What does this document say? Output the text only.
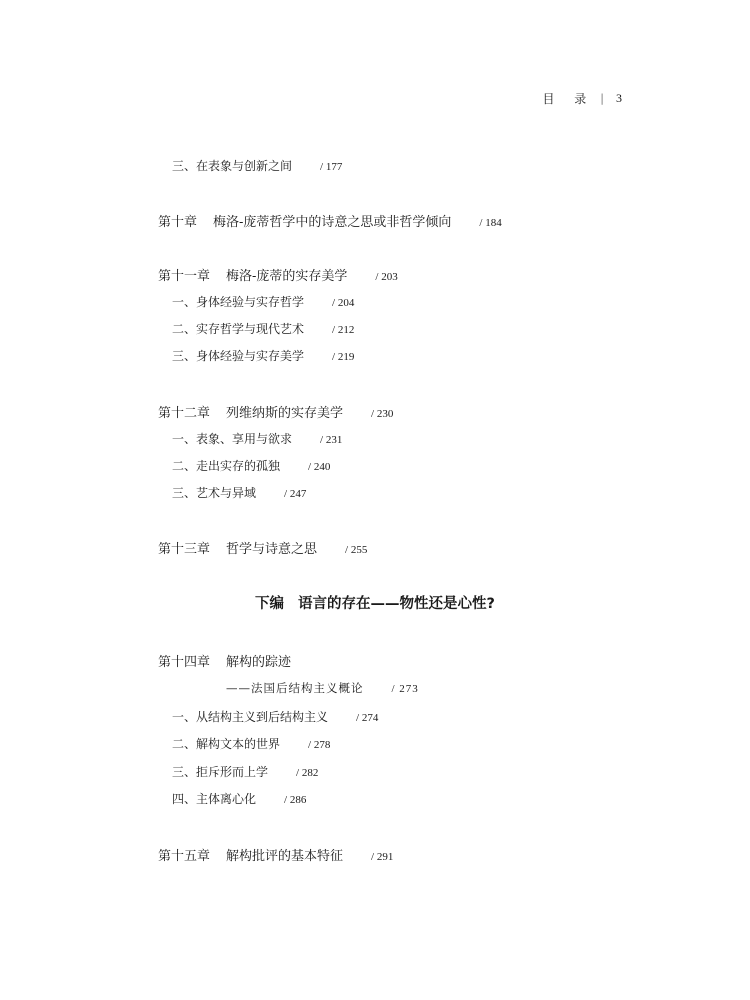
目 录 | 3
三、在表象与创新之间	/ 177
第十章 梅洛-庞蒂哲学中的诗意之思或非哲学倾向	/ 184
第十一章 梅洛-庞蒂的实存美学	/ 203
一、身体经验与实存哲学	/ 204
二、实存哲学与现代艺术	/ 212
三、身体经验与实存美学	/ 219
第十二章 列维纳斯的实存美学	/ 230
一、表象、享用与欲求	/ 231
二、走出实存的孤独	/ 240
三、艺术与异域	/ 247
第十三章 哲学与诗意之思	/ 255
下编 语言的存在——物性还是心性?
第十四章 解构的踪迹
——法国后结构主义概论	/ 273
一、从结构主义到后结构主义	/ 274
二、解构文本的世界	/ 278
三、拒斥形而上学	/ 282
四、主体离心化	/ 286
第十五章 解构批评的基本特征	/ 291
